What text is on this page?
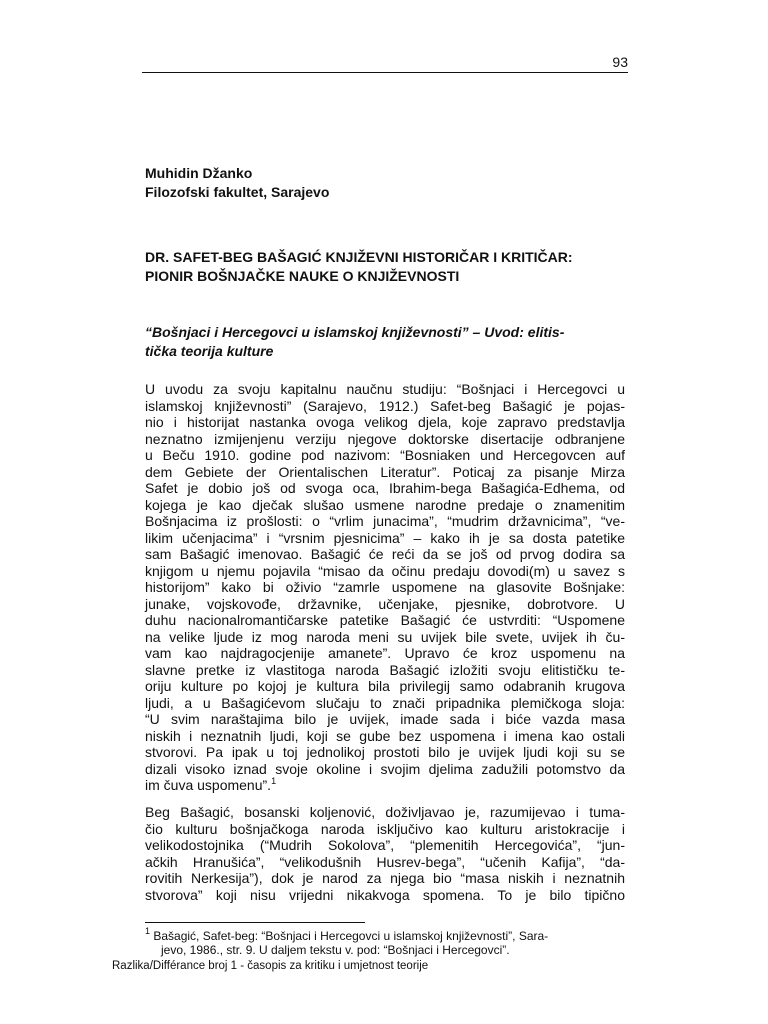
93
Muhidin Džanko
Filozofski fakultet, Sarajevo
DR. SAFET-BEG BAŠAGIĆ KNJIŽEVNI HISTORIČAR I KRITIČAR:
PIONIR BOŠNJAČKE NAUKE O KNJIŽEVNOSTI
“Bošnjaci i Hercegovci u islamskoj književnosti” – Uvod: elitis-
tička teorija kulture
U uvodu za svoju kapitalnu naučnu studiju: “Bošnjaci i Hercegovci u
islamskoj književnosti” (Sarajevo, 1912.) Safet-beg Bašagić je pojas-
nio i historijat nastanka ovoga velikog djela, koje zapravo predstavlja
neznatno izmijenjenu verziju njegove doktorske disertacije odbranjene
u Beču 1910. godine pod nazivom: “Bosniaken und Hercegovcen auf
dem Gebiete der Orientalischen Literatur”. Poticaj za pisanje Mirza
Safet je dobio još od svoga oca, Ibrahim-bega Bašagića-Edhema, od
kojega je kao dječak slušao usmene narodne predaje o znamenitim
Bošnjacima iz prošlosti: o “vrlim junacima”, “mudrim državnicima”, “ve-
likim učenjacima” i “vrsnim pjesnicima” – kako ih je sa dosta patetike
sam Bašagić imenovao. Bašagić će reći da se još od prvog dodira sa
knjigom u njemu pojavila “misao da očinu predaju dovodi(m) u savez s
historijom” kako bi oživio “zamrle uspomene na glasovite Bošnjake:
junake, vojskovođe, državnike, učenjake, pjesnike, dobrotvore. U
duhu nacionalromantičarske patetike Bašagić će ustvrditi: “Uspomene
na velike ljude iz mog naroda meni su uvijek bile svete, uvijek ih ču-
vam kao najdragocjenije amanete”. Upravo će kroz uspomenu na
slavne pretke iz vlastitoga naroda Bašagić izložiti svoju elitističku te-
oriju kulture po kojoj je kultura bila privilegij samo odabranih krugova
ljudi, a u Bašagićevom slučaju to znači pripadnika plemičkoga sloja:
“U svim naraštajima bilo je uvijek, imade sada i biće vazda masa
niskih i neznatnih ljudi, koji se gube bez uspomena i imena kao ostali
stvorovi. Pa ipak u toj jednolikoj prostoti bilo je uvijek ljudi koji su se
dizali visoko iznad svoje okoline i svojim djelima zadužili potomstvo da
im čuva uspomenu”.$^1$
Beg Bašagić, bosanski koljenović, doživljavao je, razumijevao i tuma-
čio kulturu bošnjačkoga naroda isključivo kao kulturu aristokracije i
velikodostojnika (“Mudrih Sokolova”, “plemenitih Hercegovića”, “jun-
ačkih Hranušića”, “velikodušnih Husrev-bega”, “učenih Kafija”, “da-
rovitih Nerkesija”), dok je narod za njega bio “masa niskih i neznatnih
stvorova” koji nisu vrijedni nikakvoga spomena. To je bilo tipično
$^1$ Bašagić, Safet-beg: “Bošnjaci i Hercegovci u islamskoj književnosti”, Sara-
jevo, 1986., str. 9. U daljem tekstu v. pod: “Bošnjaci i Hercegovci”.
Razlika/Différance broj 1 - časopis za kritiku i umjetnost teorije
